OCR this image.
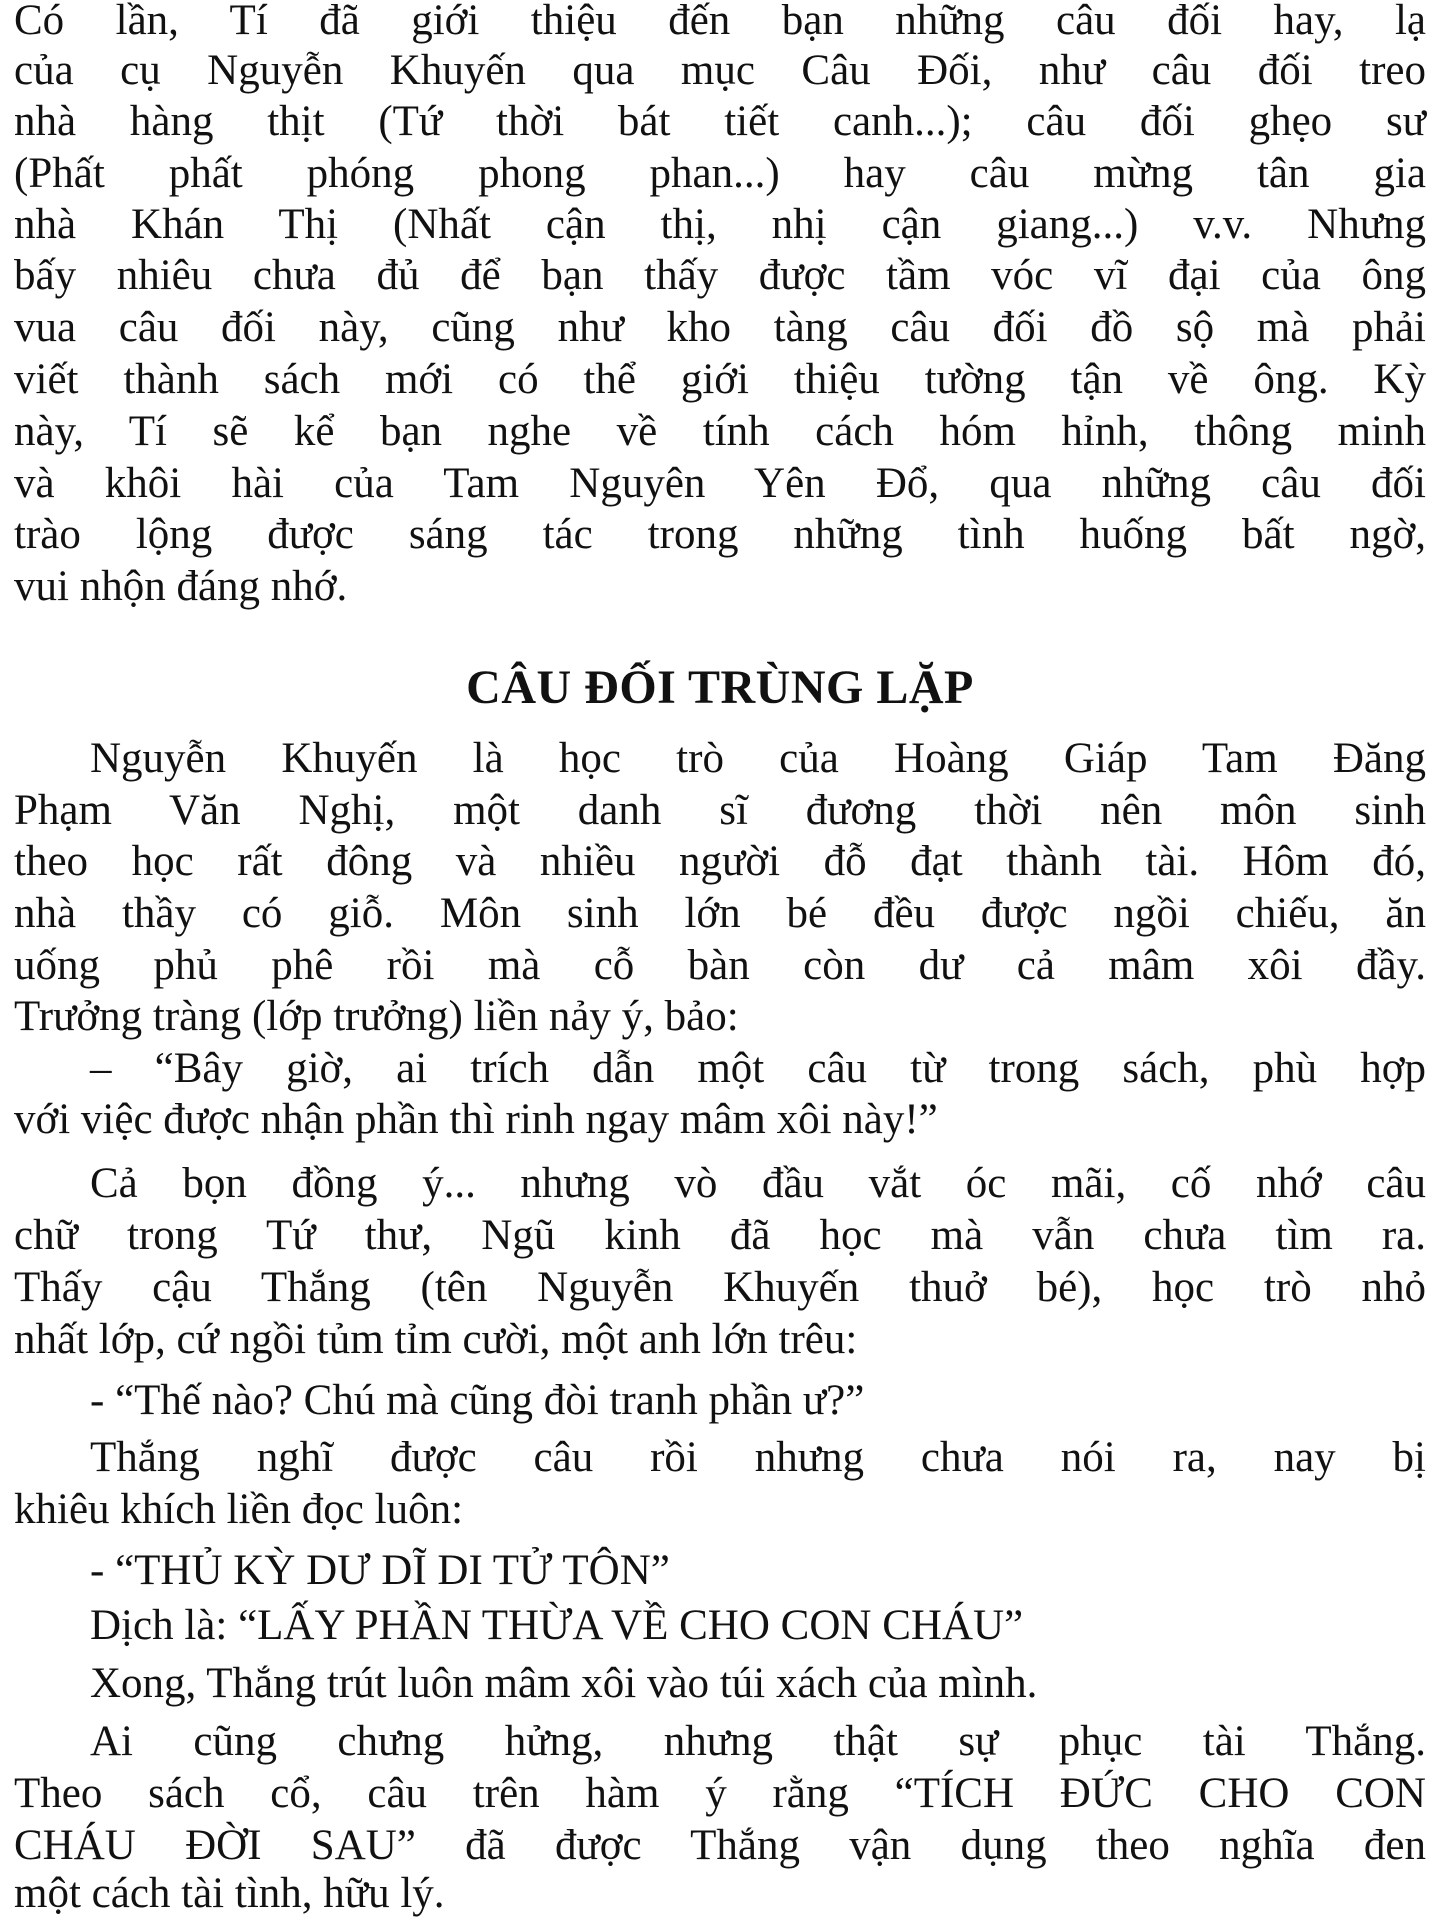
Có lần, Tí đã giới thiệu đến bạn những câu đối hay, lạ
của cụ Nguyễn Khuyến qua mục Câu Đối, như câu đối treo
nhà hàng thịt (Tứ thời bát tiết canh...); câu đối ghẹo sư
(Phất phất phóng phong phan...) hay câu mừng tân gia
nhà Khán Thị (Nhất cận thị, nhị cận giang...) v.v. Nhưng
bấy nhiêu chưa đủ để bạn thấy được tầm vóc vĩ đại của ông
vua câu đối này, cũng như kho tàng câu đối đồ sộ mà phải
viết thành sách mới có thể giới thiệu tường tận về ông. Kỳ
này, Tí sẽ kể bạn nghe về tính cách hóm hỉnh, thông minh
và khôi hài của Tam Nguyên Yên Đổ, qua những câu đối
trào lộng được sáng tác trong những tình huống bất ngờ,
vui nhộn đáng nhớ.
CÂU ĐỐI TRÙNG LẶP
Nguyễn Khuyến là học trò của Hoàng Giáp Tam Đăng
Phạm Văn Nghị, một danh sĩ đương thời nên môn sinh
theo học rất đông và nhiều người đỗ đạt thành tài. Hôm đó,
nhà thầy có giỗ. Môn sinh lớn bé đều được ngồi chiếu, ăn
uống phủ phê rồi mà cỗ bàn còn dư cả mâm xôi đầy.
Trưởng tràng (lớp trưởng) liền nảy ý, bảo:
– “Bây giờ, ai trích dẫn một câu từ trong sách, phù hợp
với việc được nhận phần thì rinh ngay mâm xôi này!”
Cả bọn đồng ý... nhưng vò đầu vắt óc mãi, cố nhớ câu
chữ trong Tứ thư, Ngũ kinh đã học mà vẫn chưa tìm ra.
Thấy cậu Thắng (tên Nguyễn Khuyến thuở bé), học trò nhỏ
nhất lớp, cứ ngồi tủm tỉm cười, một anh lớn trêu:
- “Thế nào? Chú mà cũng đòi tranh phần ư?”
Thắng nghĩ được câu rồi nhưng chưa nói ra, nay bị
khiêu khích liền đọc luôn:
- “THỦ KỲ DƯ DĨ DI TỬ TÔN”
Dịch là: “LẤY PHẦN THỪA VỀ CHO CON CHÁU”
Xong, Thắng trút luôn mâm xôi vào túi xách của mình.
Ai cũng chưng hửng, nhưng thật sự phục tài Thắng.
Theo sách cổ, câu trên hàm ý rằng “TÍCH ĐỨC CHO CON
CHÁU ĐỜI SAU” đã được Thắng vận dụng theo nghĩa đen
một cách tài tình, hữu lý.
